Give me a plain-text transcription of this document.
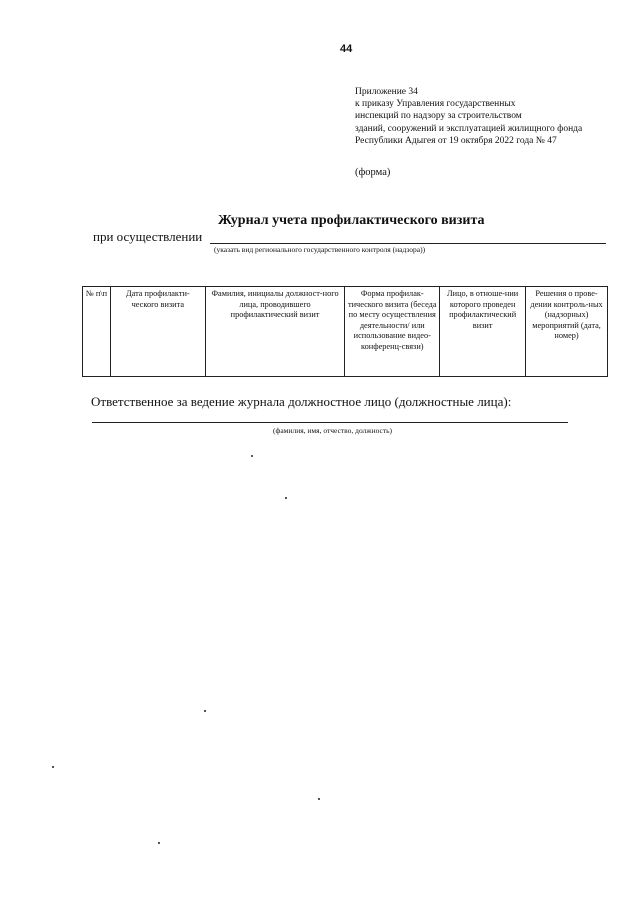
44
Приложение 34
к приказу Управления государственных
инспекций по надзору за строительством
зданий, сооружений и эксплуатацией жилищного фонда
Республики Адыгея от 19 октября 2022 года № 47
(форма)
Журнал учета профилактического визита
при осуществлении
(указать вид регионального государственного контроля (надзора))
№ п\п	Дата профилакти-ческого визита	Фамилия, инициалы должност-ного лица, проводившего профилактический визит	Форма профилак-тического визита (беседа по месту осуществления деятельности/ или использование видео-конференц-связи)	Лицо, в отноше-нии которого проведен профилактический визит	Решения о прове-дении контроль-ных (надзорных) мероприятий (дата, номер)
Ответственное за ведение журнала должностное лицо (должностные лица):
(фамилия, имя, отчество, должность)
